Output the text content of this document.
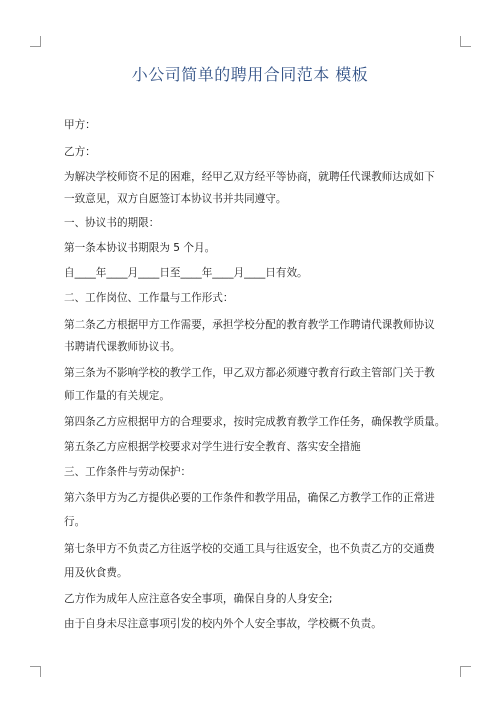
小公司简单的聘用合同范本 模板
甲方：
乙方：
为解决学校师资不足的困难，经甲乙双方经平等协商，就聘任代课教师达成如下
一致意见，双方自愿签订本协议书并共同遵守。
一、协议书的期限：
第一条本协议书期限为 5 个月。
自____年____月____日至____年____月____日有效。
二、工作岗位、工作量与工作形式：
第二条乙方根据甲方工作需要，承担学校分配的教育教学工作聘请代课教师协议
书聘请代课教师协议书。
第三条为不影响学校的教学工作，甲乙双方都必须遵守教育行政主管部门关于教
师工作量的有关规定。
第四条乙方应根据甲方的合理要求，按时完成教育教学工作任务，确保教学质量。
第五条乙方应根据学校要求对学生进行安全教育、落实安全措施
三、工作条件与劳动保护：
第六条甲方为乙方提供必要的工作条件和教学用品，确保乙方教学工作的正常进
行。
第七条甲方不负责乙方往返学校的交通工具与往返安全，也不负责乙方的交通费
用及伙食费。
乙方作为成年人应注意各安全事项，确保自身的人身安全;
由于自身未尽注意事项引发的校内外个人安全事故，学校概不负责。
